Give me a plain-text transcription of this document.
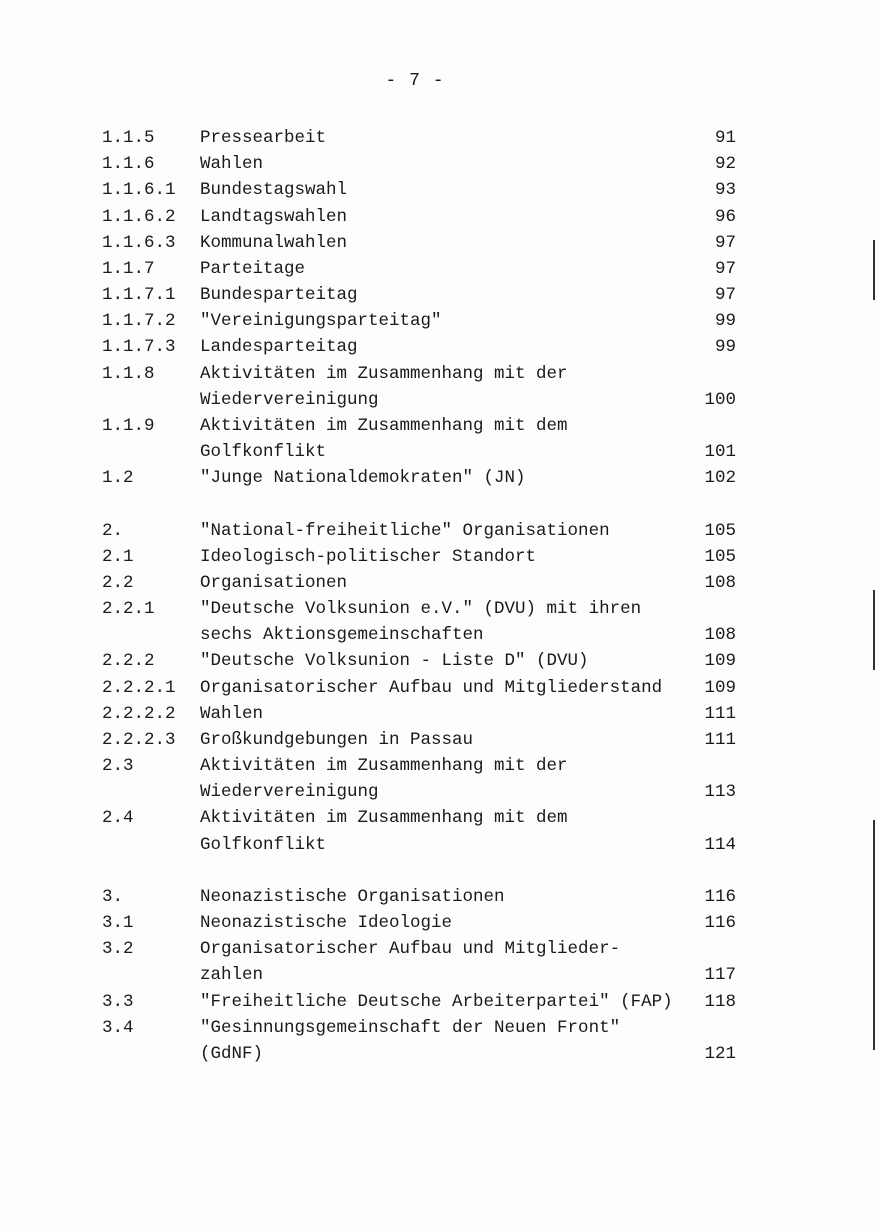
- 7 -
1.1.5	Pressearbeit	91
1.1.6	Wahlen	92
1.1.6.1 Bundestagswahl	93
1.1.6.2 Landtagswahlen	96
1.1.6.3 Kommunalwahlen	97
1.1.7	Parteitage	97
1.1.7.1 Bundesparteitag	97
1.1.7.2 "Vereinigungsparteitag"	99
1.1.7.3 Landesparteitag	99
1.1.8	Aktivitäten im Zusammenhang mit der
Wiedervereinigung	100
1.1.9	Aktivitäten im Zusammenhang mit dem
Golfkonflikt	101
1.2	"Junge Nationaldemokraten" (JN)	102
2.	"National-freiheitliche" Organisationen	105
2.1	Ideologisch-politischer Standort	105
2.2	Organisationen	108
2.2.1	"Deutsche Volksunion e.V." (DVU) mit ihren
sechs Aktionsgemeinschaften	108
2.2.2	"Deutsche Volksunion - Liste D" (DVU)	109
2.2.2.1 Organisatorischer Aufbau und Mitgliederstand	109
2.2.2.2 Wahlen	111
2.2.2.3 Großkundgebungen in Passau	111
2.3	Aktivitäten im Zusammenhang mit der
Wiedervereinigung	113
2.4	Aktivitäten im Zusammenhang mit dem
Golfkonflikt	114
3.	Neonazistische Organisationen	116
3.1	Neonazistische Ideologie	116
3.2	Organisatorischer Aufbau und Mitglieder-
zahlen	117
3.3	"Freiheitliche Deutsche Arbeiterpartei" (FAP)	118
3.4	"Gesinnungsgemeinschaft der Neuen Front"
(GdNF)	121
